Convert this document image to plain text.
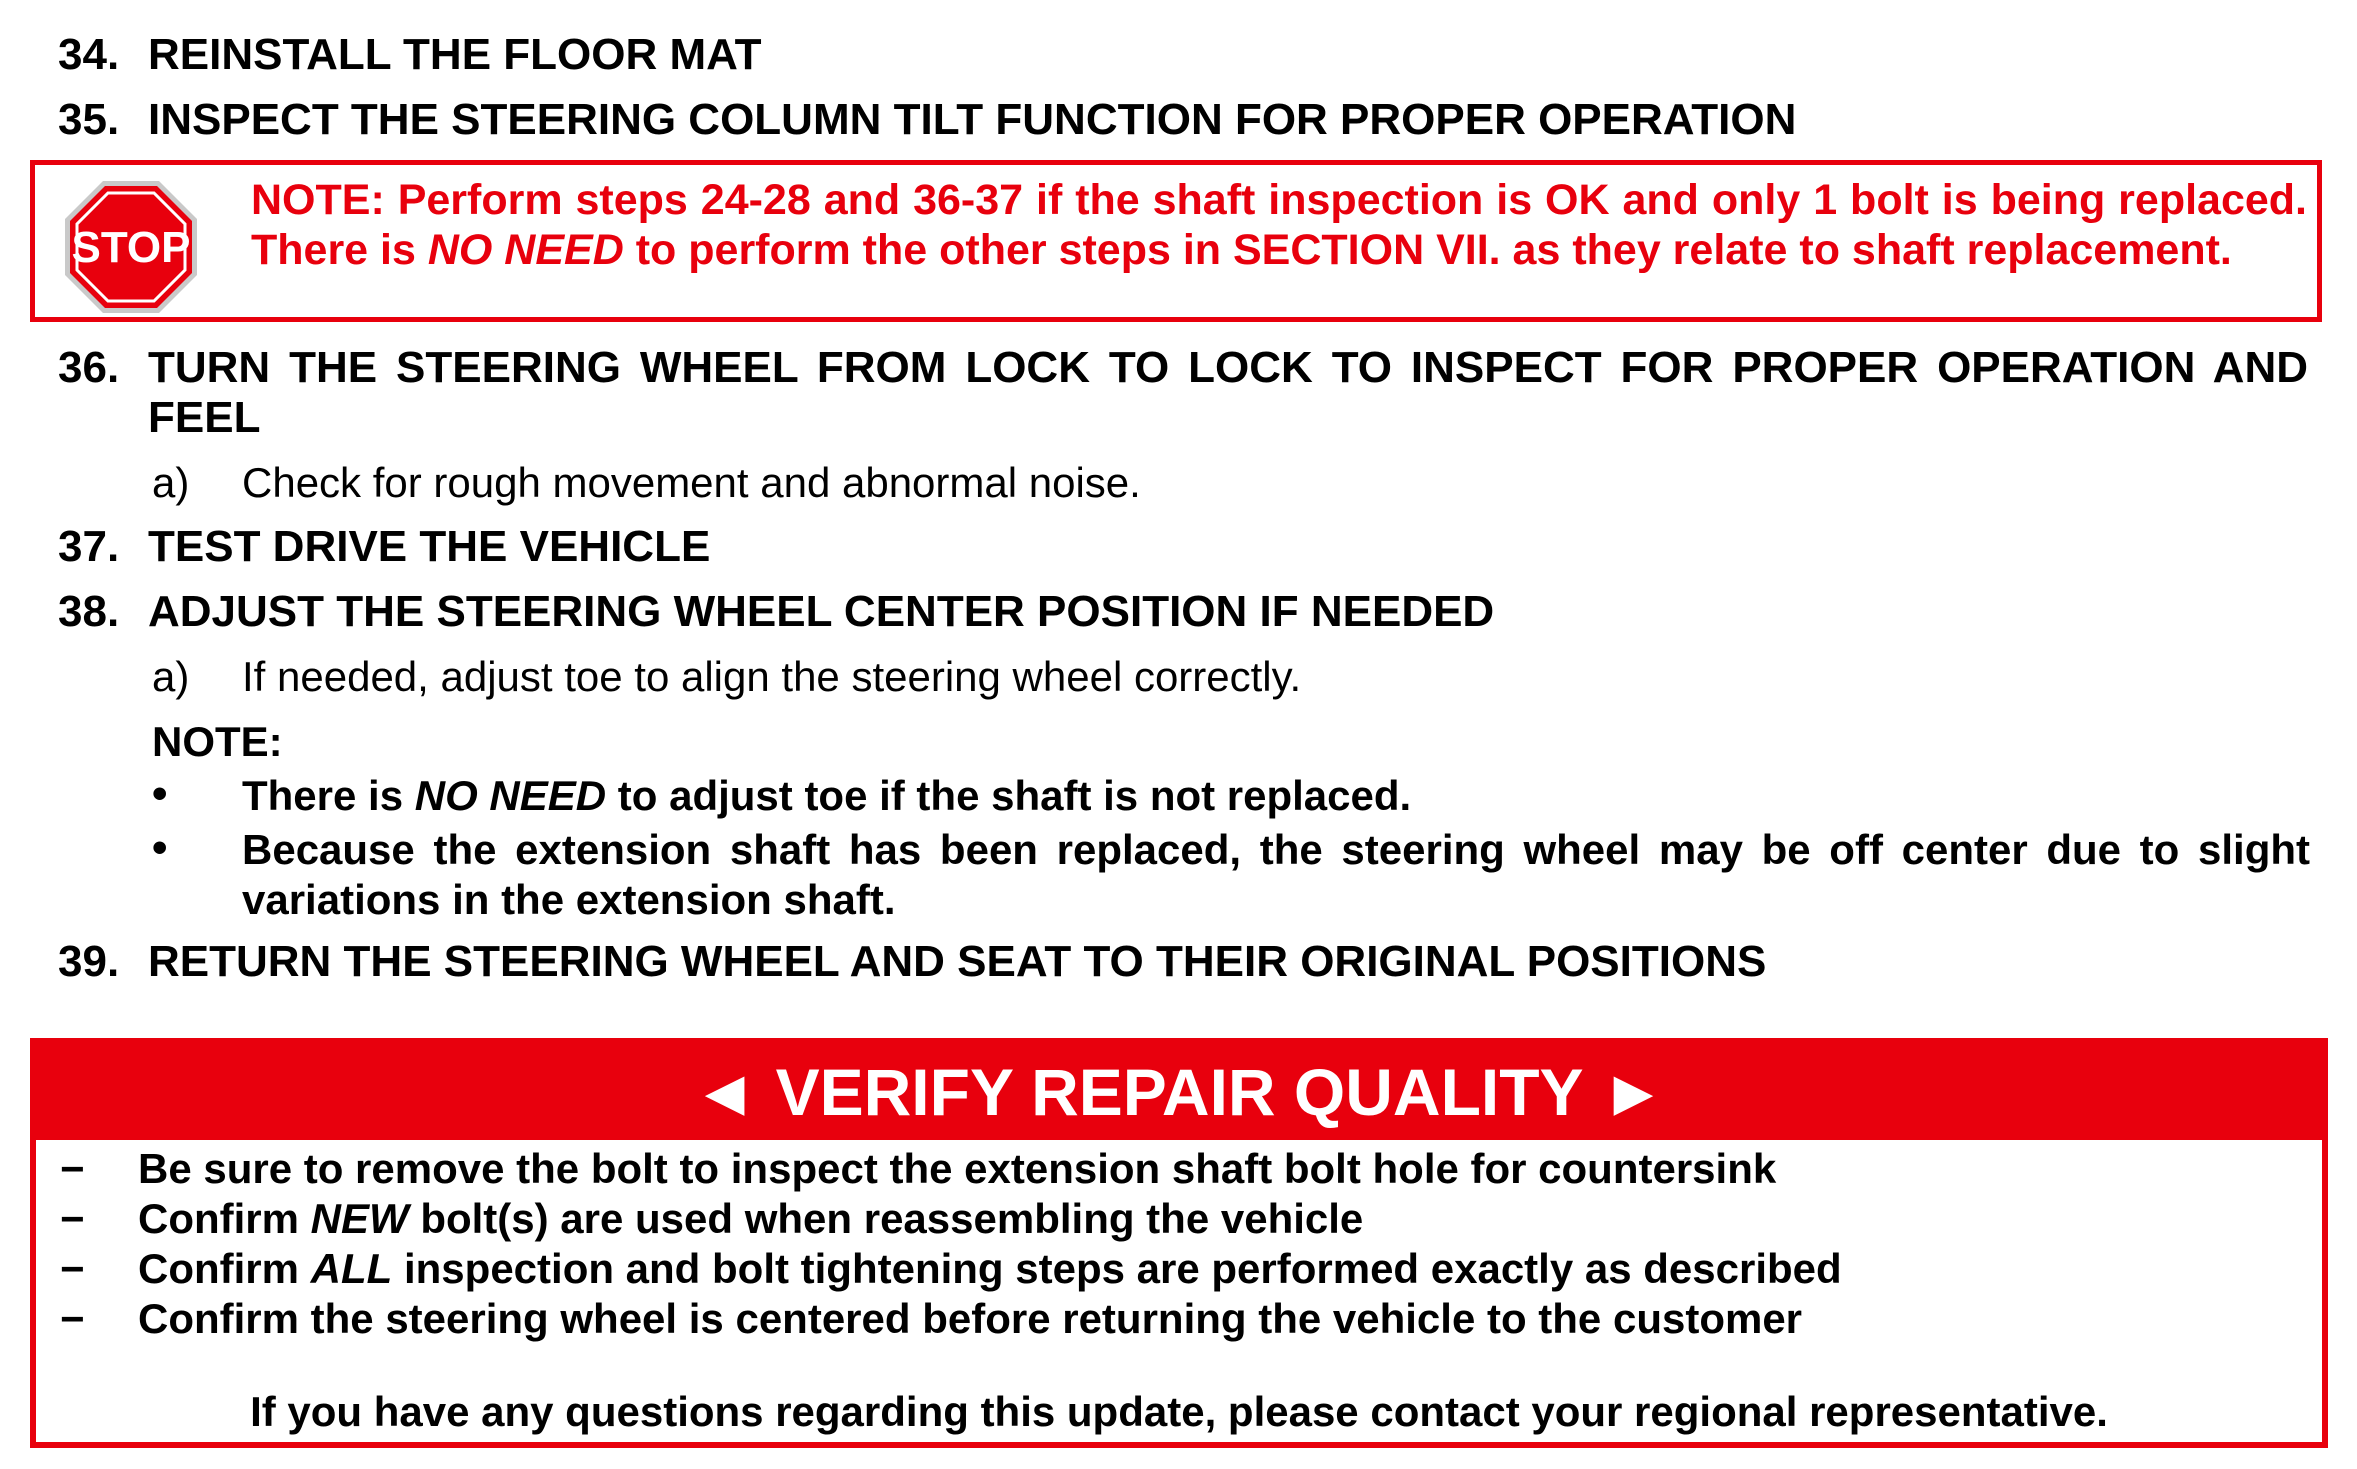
34. REINSTALL THE FLOOR MAT
35. INSPECT THE STEERING COLUMN TILT FUNCTION FOR PROPER OPERATION
STOP
NOTE: Perform steps 24-28 and 36-37 if the shaft inspection is OK and only 1 bolt is being replaced. There is NO NEED to perform the other steps in SECTION VII. as they relate to shaft replacement.
36. TURN THE STEERING WHEEL FROM LOCK TO LOCK TO INSPECT FOR PROPER OPERATION AND FEEL
a) Check for rough movement and abnormal noise.
37. TEST DRIVE THE VEHICLE
38. ADJUST THE STEERING WHEEL CENTER POSITION IF NEEDED
a) If needed, adjust toe to align the steering wheel correctly.
NOTE:
• There is NO NEED to adjust toe if the shaft is not replaced.
• Because the extension shaft has been replaced, the steering wheel may be off center due to slight variations in the extension shaft.
39. RETURN THE STEERING WHEEL AND SEAT TO THEIR ORIGINAL POSITIONS
◄ VERIFY REPAIR QUALITY ►
− Be sure to remove the bolt to inspect the extension shaft bolt hole for countersink
− Confirm NEW bolt(s) are used when reassembling the vehicle
− Confirm ALL inspection and bolt tightening steps are performed exactly as described
− Confirm the steering wheel is centered before returning the vehicle to the customer
If you have any questions regarding this update, please contact your regional representative.
